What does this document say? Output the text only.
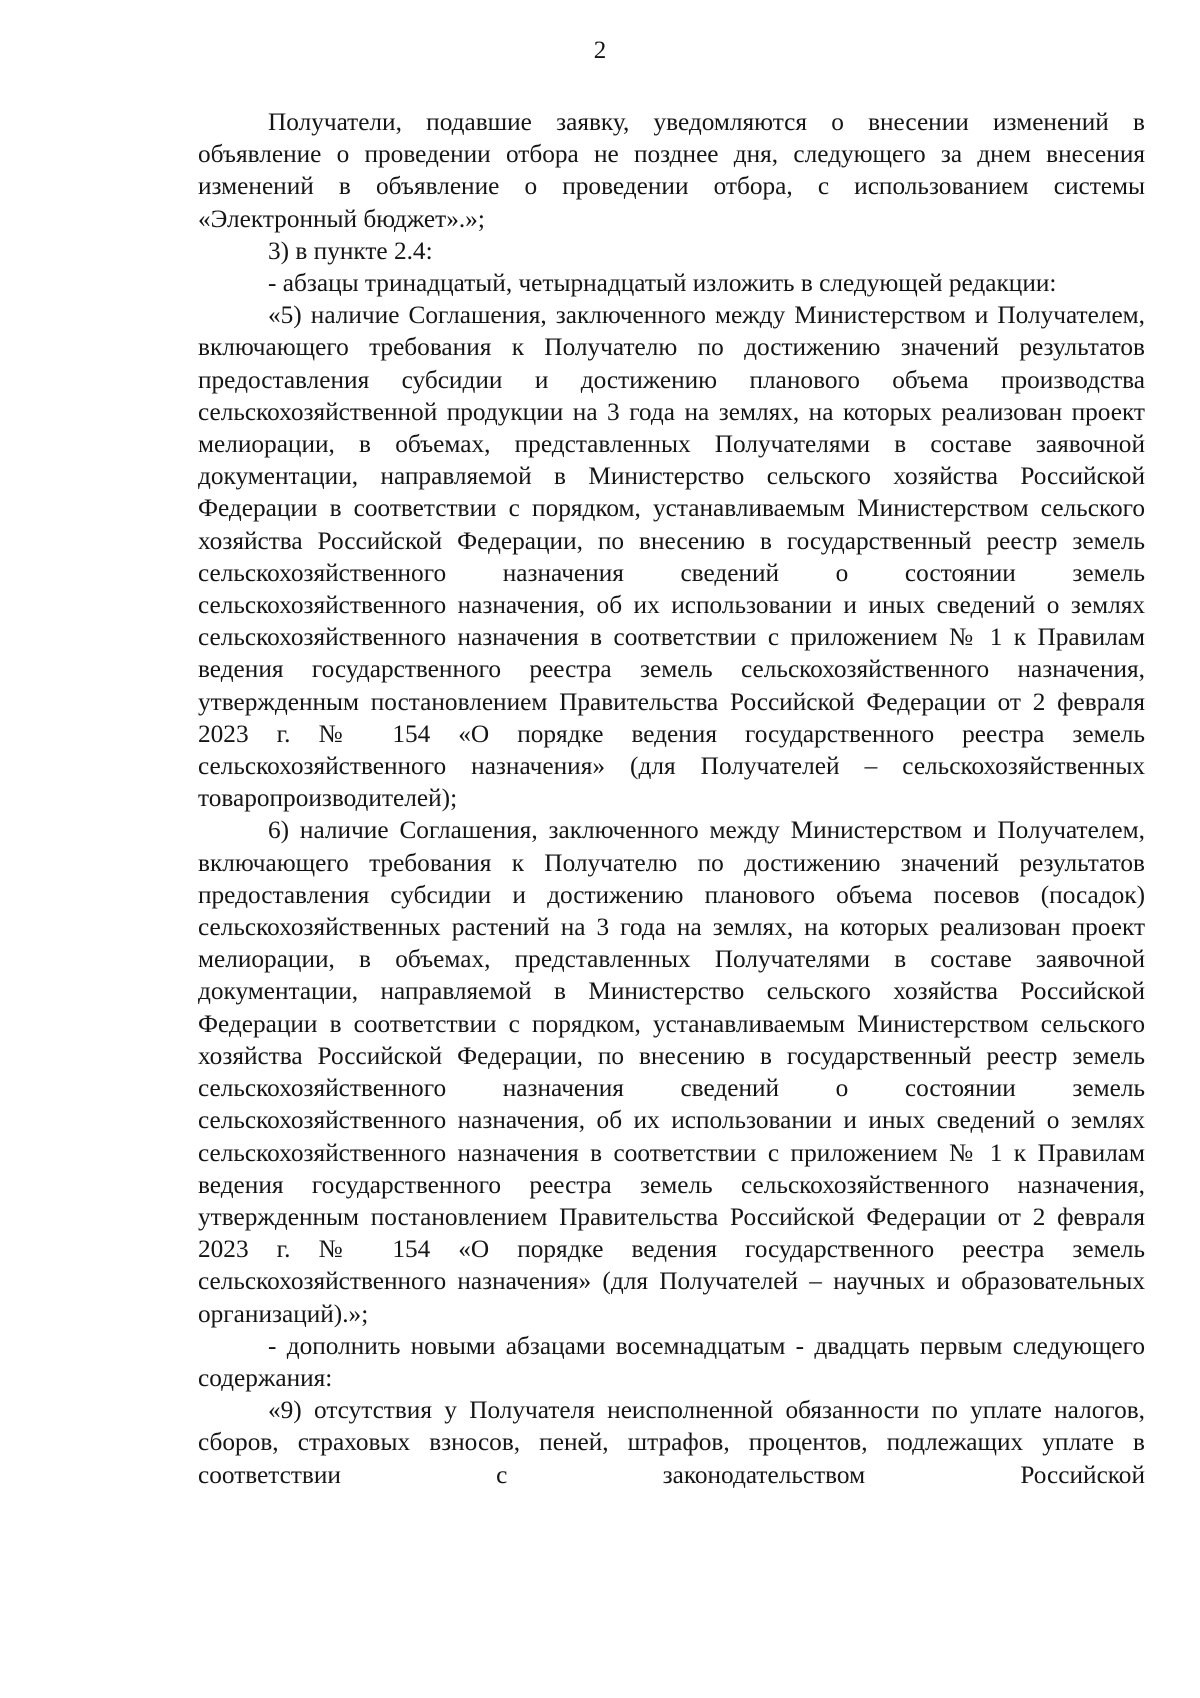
2

Получатели, подавшие заявку, уведомляются о внесении изменений в объявление о проведении отбора не позднее дня, следующего за днем внесения изменений в объявление о проведении отбора, с использованием системы «Электронный бюджет».»;

3) в пункте 2.4:

- абзацы тринадцатый, четырнадцатый изложить в следующей редакции:

«5) наличие Соглашения, заключенного между Министерством и Получателем, включающего требования к Получателю по достижению значений результатов предоставления субсидии и достижению планового объема производства сельскохозяйственной продукции на 3 года на землях, на которых реализован проект мелиорации, в объемах, представленных Получателями в составе заявочной документации, направляемой в Министерство сельского хозяйства Российской Федерации в соответствии с порядком, устанавливаемым Министерством сельского хозяйства Российской Федерации, по внесению в государственный реестр земель сельскохозяйственного назначения сведений о состоянии земель сельскохозяйственного назначения, об их использовании и иных сведений о землях сельскохозяйственного назначения в соответствии с приложением № 1 к Правилам ведения государственного реестра земель сельскохозяйственного назначения, утвержденным постановлением Правительства Российской Федерации от 2 февраля 2023 г. № 154 «О порядке ведения государственного реестра земель сельскохозяйственного назначения» (для Получателей – сельскохозяйственных товаропроизводителей);

6) наличие Соглашения, заключенного между Министерством и Получателем, включающего требования к Получателю по достижению значений результатов предоставления субсидии и достижению планового объема посевов (посадок) сельскохозяйственных растений на 3 года на землях, на которых реализован проект мелиорации, в объемах, представленных Получателями в составе заявочной документации, направляемой в Министерство сельского хозяйства Российской Федерации в соответствии с порядком, устанавливаемым Министерством сельского хозяйства Российской Федерации, по внесению в государственный реестр земель сельскохозяйственного назначения сведений о состоянии земель сельскохозяйственного назначения, об их использовании и иных сведений о землях сельскохозяйственного назначения в соответствии с приложением № 1 к Правилам ведения государственного реестра земель сельскохозяйственного назначения, утвержденным постановлением Правительства Российской Федерации от 2 февраля 2023 г. № 154 «О порядке ведения государственного реестра земель сельскохозяйственного назначения» (для Получателей – научных и образовательных организаций).»;

- дополнить новыми абзацами восемнадцатым - двадцать первым следующего содержания:

«9) отсутствия у Получателя неисполненной обязанности по уплате налогов, сборов, страховых взносов, пеней, штрафов, процентов, подлежащих уплате в соответствии с законодательством Российской
